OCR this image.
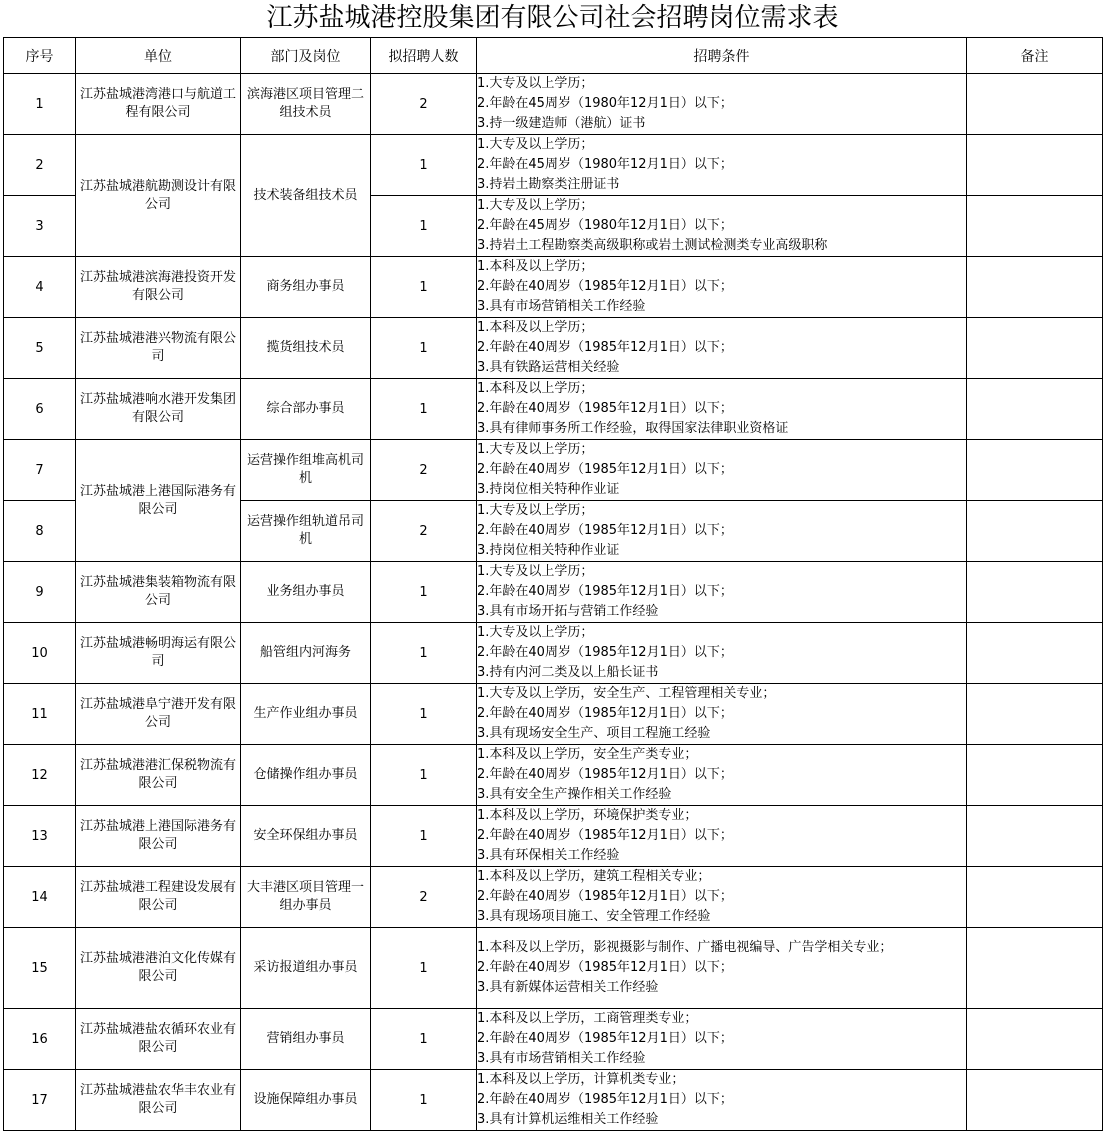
江苏盐城港控股集团有限公司社会招聘岗位需求表
序号	单位	部门及岗位	拟招聘人数	招聘条件	备注
1	江苏盐城港湾港口与航道工程有限公司	滨海港区项目管理二组技术员	2	1.大专及以上学历；
2.年龄在45周岁（1980年12月1日）以下；
3.持一级建造师（港航）证书	

2	江苏盐城港航勘测设计有限公司	技术装备组技术员	1	1.大专及以上学历；
2.年龄在45周岁（1980年12月1日）以下；
3.持岩土勘察类注册证书	

3			1	1.大专及以上学历；
2.年龄在45周岁（1980年12月1日）以下；
3.持岩土工程勘察类高级职称或岩土测试检测类专业高级职称	

4	江苏盐城港滨海港投资开发有限公司	商务组办事员	1	1.本科及以上学历；
2.年龄在40周岁（1985年12月1日）以下；
3.具有市场营销相关工作经验	

5	江苏盐城港港兴物流有限公司	揽货组技术员	1	1.本科及以上学历；
2.年龄在40周岁（1985年12月1日）以下；
3.具有铁路运营相关经验	

6	江苏盐城港响水港开发集团有限公司	综合部办事员	1	1.本科及以上学历；
2.年龄在40周岁（1985年12月1日）以下；
3.具有律师事务所工作经验，取得国家法律职业资格证	

7	江苏盐城港上港国际港务有限公司	运营操作组堆高机司机	2	1.大专及以上学历；
2.年龄在40周岁（1985年12月1日）以下；
3.持岗位相关特种作业证	

8		运营操作组轨道吊司机	2	1.大专及以上学历；
2.年龄在40周岁（1985年12月1日）以下；
3.持岗位相关特种作业证	

9	江苏盐城港集装箱物流有限公司	业务组办事员	1	1.大专及以上学历；
2.年龄在40周岁（1985年12月1日）以下；
3.具有市场开拓与营销工作经验	

10	江苏盐城港畅明海运有限公司	船管组内河海务	1	1.大专及以上学历；
2.年龄在40周岁（1985年12月1日）以下；
3.持有内河二类及以上船长证书	

11	江苏盐城港阜宁港开发有限公司	生产作业组办事员	1	1.大专及以上学历，安全生产、工程管理相关专业；
2.年龄在40周岁（1985年12月1日）以下；
3.具有现场安全生产、项目工程施工经验	

12	江苏盐城港港汇保税物流有限公司	仓储操作组办事员	1	1.本科及以上学历，安全生产类专业；
2.年龄在40周岁（1985年12月1日）以下；
3.具有安全生产操作相关工作经验	

13	江苏盐城港上港国际港务有限公司	安全环保组办事员	1	1.本科及以上学历，环境保护类专业；
2.年龄在40周岁（1985年12月1日）以下；
3.具有环保相关工作经验	

14	江苏盐城港工程建设发展有限公司	大丰港区项目管理一组办事员	2	1.本科及以上学历，建筑工程相关专业；
2.年龄在40周岁（1985年12月1日）以下；
3.具有现场项目施工、安全管理工作经验	

15	江苏盐城港港泊文化传媒有限公司	采访报道组办事员	1	1.本科及以上学历，影视摄影与制作、广播电视编导、广告学相关专业；
2.年龄在40周岁（1985年12月1日）以下；
3.具有新媒体运营相关工作经验	

16	江苏盐城港盐农循环农业有限公司	营销组办事员	1	1.本科及以上学历，工商管理类专业；
2.年龄在40周岁（1985年12月1日）以下；
3.具有市场营销相关工作经验	

17	江苏盐城港盐农华丰农业有限公司	设施保障组办事员	1	1.本科及以上学历，计算机类专业；
2.年龄在40周岁（1985年12月1日）以下；
3.具有计算机运维相关工作经验	
